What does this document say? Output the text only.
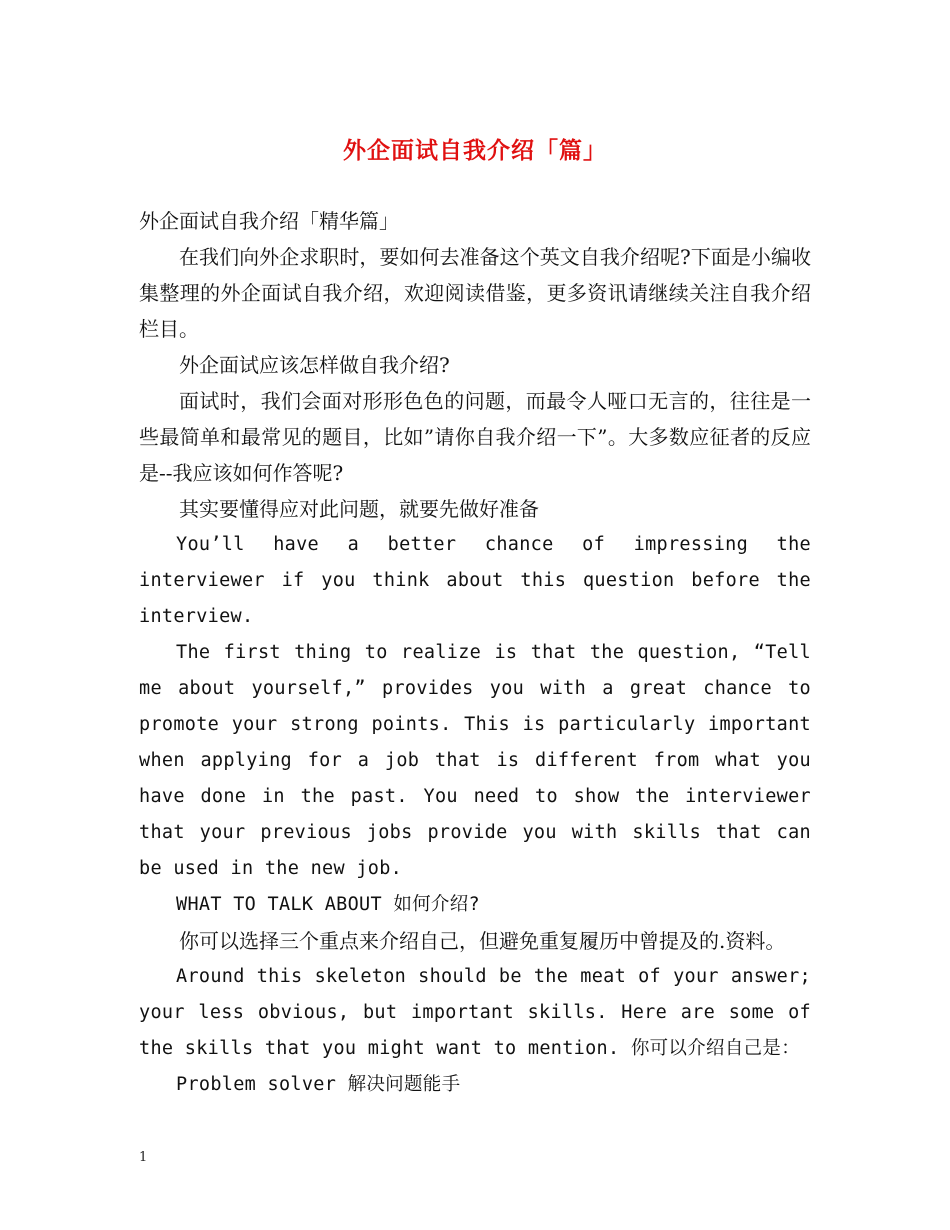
外企面试自我介绍「篇」

外企面试自我介绍「精华篇」

在我们向外企求职时，要如何去准备这个英文自我介绍呢?下面是小编收集整理的外企面试自我介绍，欢迎阅读借鉴，更多资讯请继续关注自我介绍栏目。

外企面试应该怎样做自我介绍?

面试时，我们会面对形形色色的问题，而最令人哑口无言的，往往是一些最简单和最常见的题目，比如”请你自我介绍一下”。大多数应征者的反应是--我应该如何作答呢?

其实要懂得应对此问题，就要先做好准备

You’ll have a better chance of impressing the interviewer if you think about this question before the interview.

The first thing to realize is that the question, “Tell me about yourself,” provides you with a great chance to promote your strong points. This is particularly important when applying for a job that is different from what you have done in the past. You need to show the interviewer that your previous jobs provide you with skills that can be used in the new job.

WHAT TO TALK ABOUT 如何介绍?

你可以选择三个重点来介绍自己，但避免重复履历中曾提及的.资料。

Around this skeleton should be the meat of your answer; your less obvious, but important skills. Here are some of the skills that you might want to mention. 你可以介绍自己是：

Problem solver 解决问题能手

1
